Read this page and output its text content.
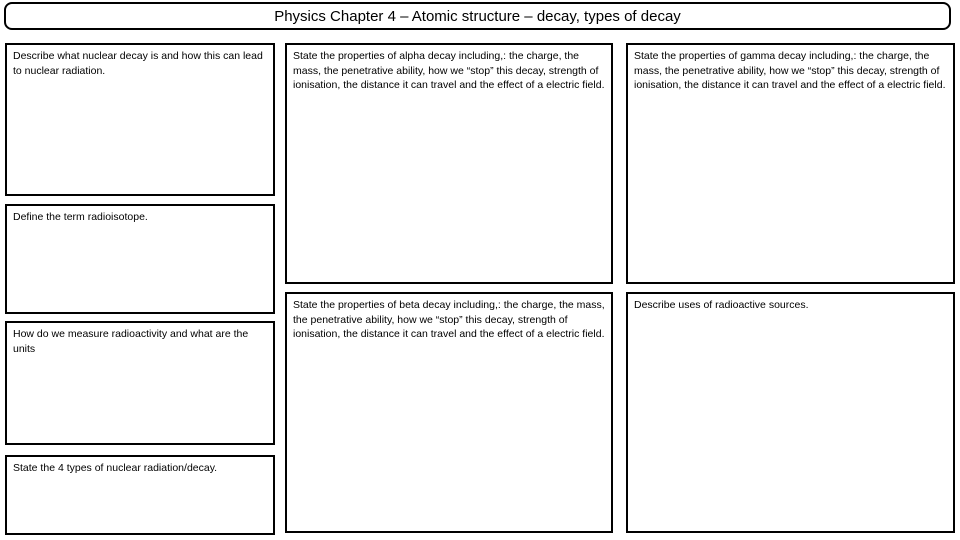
Physics Chapter 4 – Atomic structure – decay, types of decay
Describe what nuclear decay is and how this can lead to nuclear radiation.
Define the term radioisotope.
How do we measure radioactivity and what are the units
State the 4 types of nuclear radiation/decay.
State the properties of alpha decay including,: the charge, the mass, the penetrative ability, how we “stop” this decay, strength of ionisation, the distance it can travel and the effect of a electric field.
State the properties of beta decay including,: the charge, the mass, the penetrative ability, how we “stop” this decay, strength of ionisation, the distance it can travel and the effect of a electric field.
State the properties of gamma decay including,: the charge, the mass, the penetrative ability, how we “stop” this decay, strength of ionisation, the distance it can travel and the effect of a electric field.
Describe uses of radioactive sources.
